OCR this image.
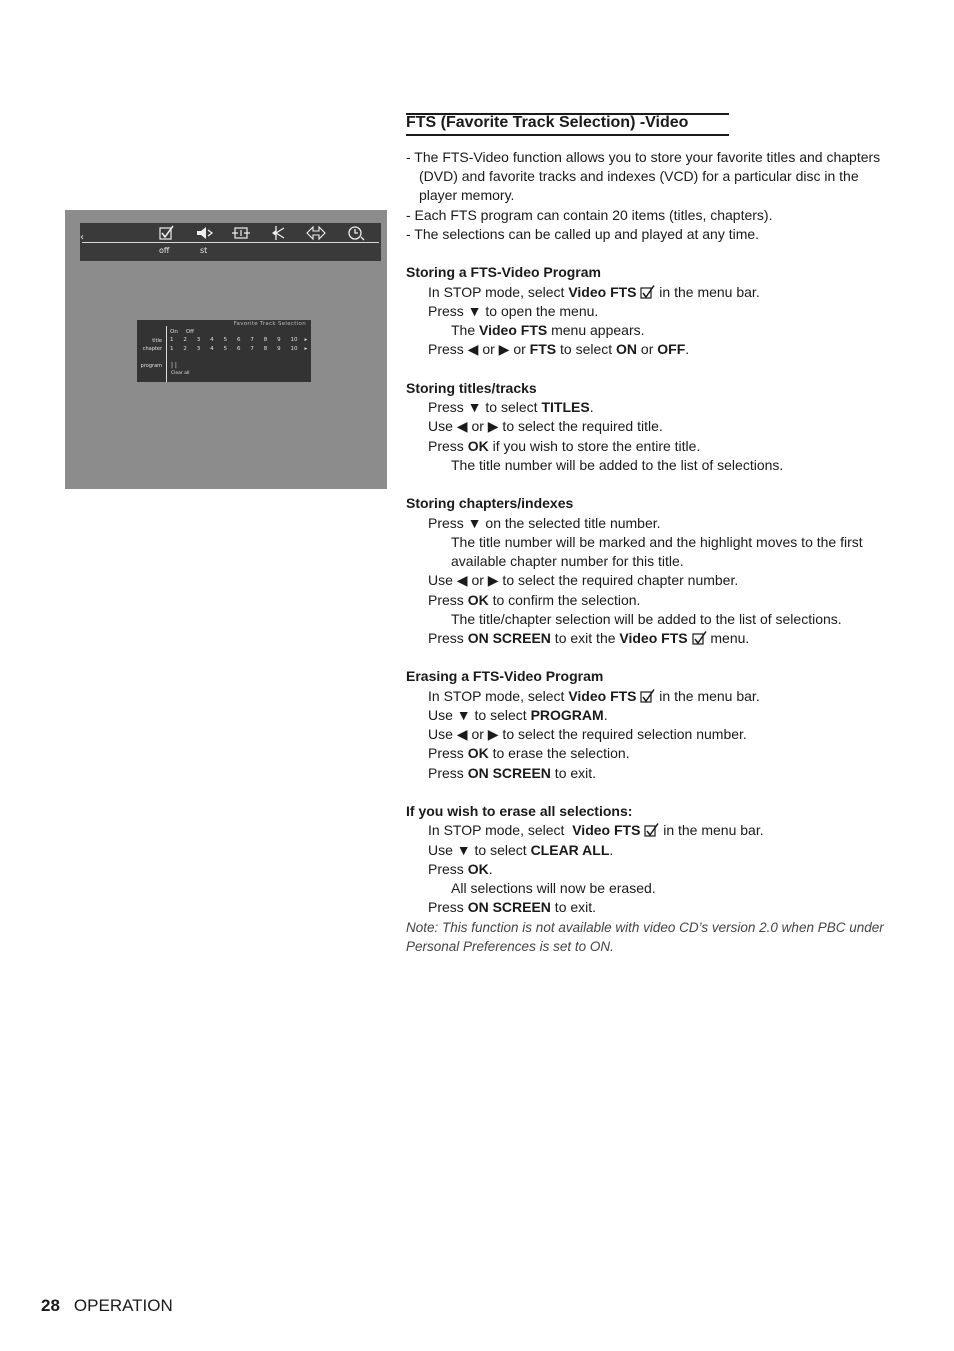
‹
off	st
Favorite Track Selection
On Off
title 1	2	3	4	5	6	7	8	9	10	▸
chapter 1	2	3	4	5	6	7	8	9	10	▸
program | |
Clear all
FTS (Favorite Track Selection) -Video
- The FTS-Video function allows you to store your favorite titles and chapters
(DVD) and favorite tracks and indexes (VCD) for a particular disc in the
player memory.
- Each FTS program can contain 20 items (titles, chapters).
- The selections can be called up and played at any time.
Storing a FTS-Video Program
In STOP mode, select Video FTS
in the menu bar.
Press ▼ to open the menu.
The Video FTS menu appears.
Press ◀ or ▶ or FTS to select ON or OFF.
Storing titles/tracks
Press ▼ to select TITLES.
Use ◀ or ▶ to select the required title.
Press OK if you wish to store the entire title.
The title number will be added to the list of selections.
Storing chapters/indexes
Press ▼ on the selected title number.
The title number will be marked and the highlight moves to the first
available chapter number for this title.
Use ◀ or ▶ to select the required chapter number.
Press OK to confirm the selection.
The title/chapter selection will be added to the list of selections.
Press ON SCREEN to exit the Video FTS
menu.
Erasing a FTS-Video Program
In STOP mode, select Video FTS
in the menu bar.
Use ▼ to select PROGRAM.
Use ◀ or ▶ to select the required selection number.
Press OK to erase the selection.
Press ON SCREEN to exit.
If you wish to erase all selections:
In STOP mode, select  Video FTS
in the menu bar.
Use ▼ to select CLEAR ALL.
Press OK.
All selections will now be erased.
Press ON SCREEN to exit.
Note: This function is not available with video CD’s version 2.0 when PBC under
Personal Preferences is set to ON.
28 OPERATION
